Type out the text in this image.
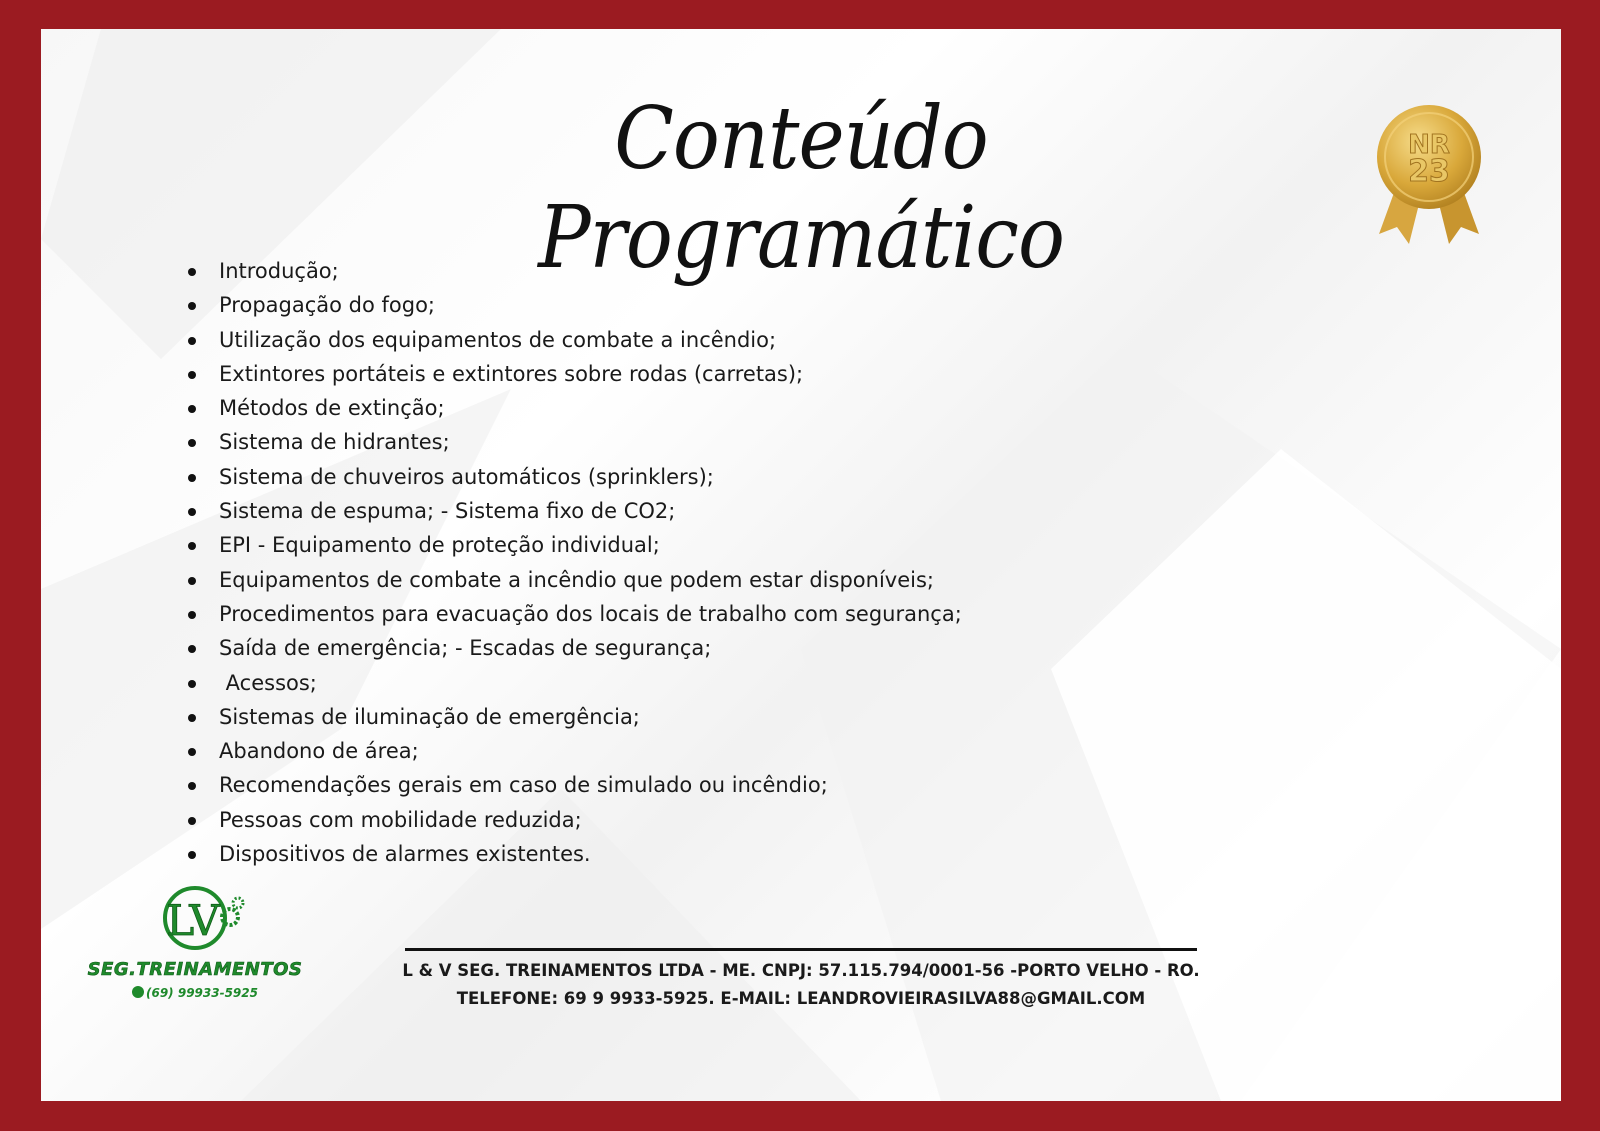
Conteúdo Programático
NR
23
Introdução;
Propagação do fogo;
Utilização dos equipamentos de combate a incêndio;
Extintores portáteis e extintores sobre rodas (carretas);
Métodos de extinção;
Sistema de hidrantes;
Sistema de chuveiros automáticos (sprinklers);
Sistema de espuma; - Sistema fixo de CO2;
EPI - Equipamento de proteção individual;
Equipamentos de combate a incêndio que podem estar disponíveis;
Procedimentos para evacuação dos locais de trabalho com segurança;
Saída de emergência; - Escadas de segurança;
Acessos;
Sistemas de iluminação de emergência;
Abandono de área;
Recomendações gerais em caso de simulado ou incêndio;
Pessoas com mobilidade reduzida;
Dispositivos de alarmes existentes.
LV
SEG.TREINAMENTOS
(69) 99933-5925
L & V SEG. TREINAMENTOS LTDA - ME. CNPJ: 57.115.794/0001-56 -PORTO VELHO - RO.
TELEFONE: 69 9 9933-5925. E-MAIL: LEANDROVIEIRASILVA88@GMAIL.COM
